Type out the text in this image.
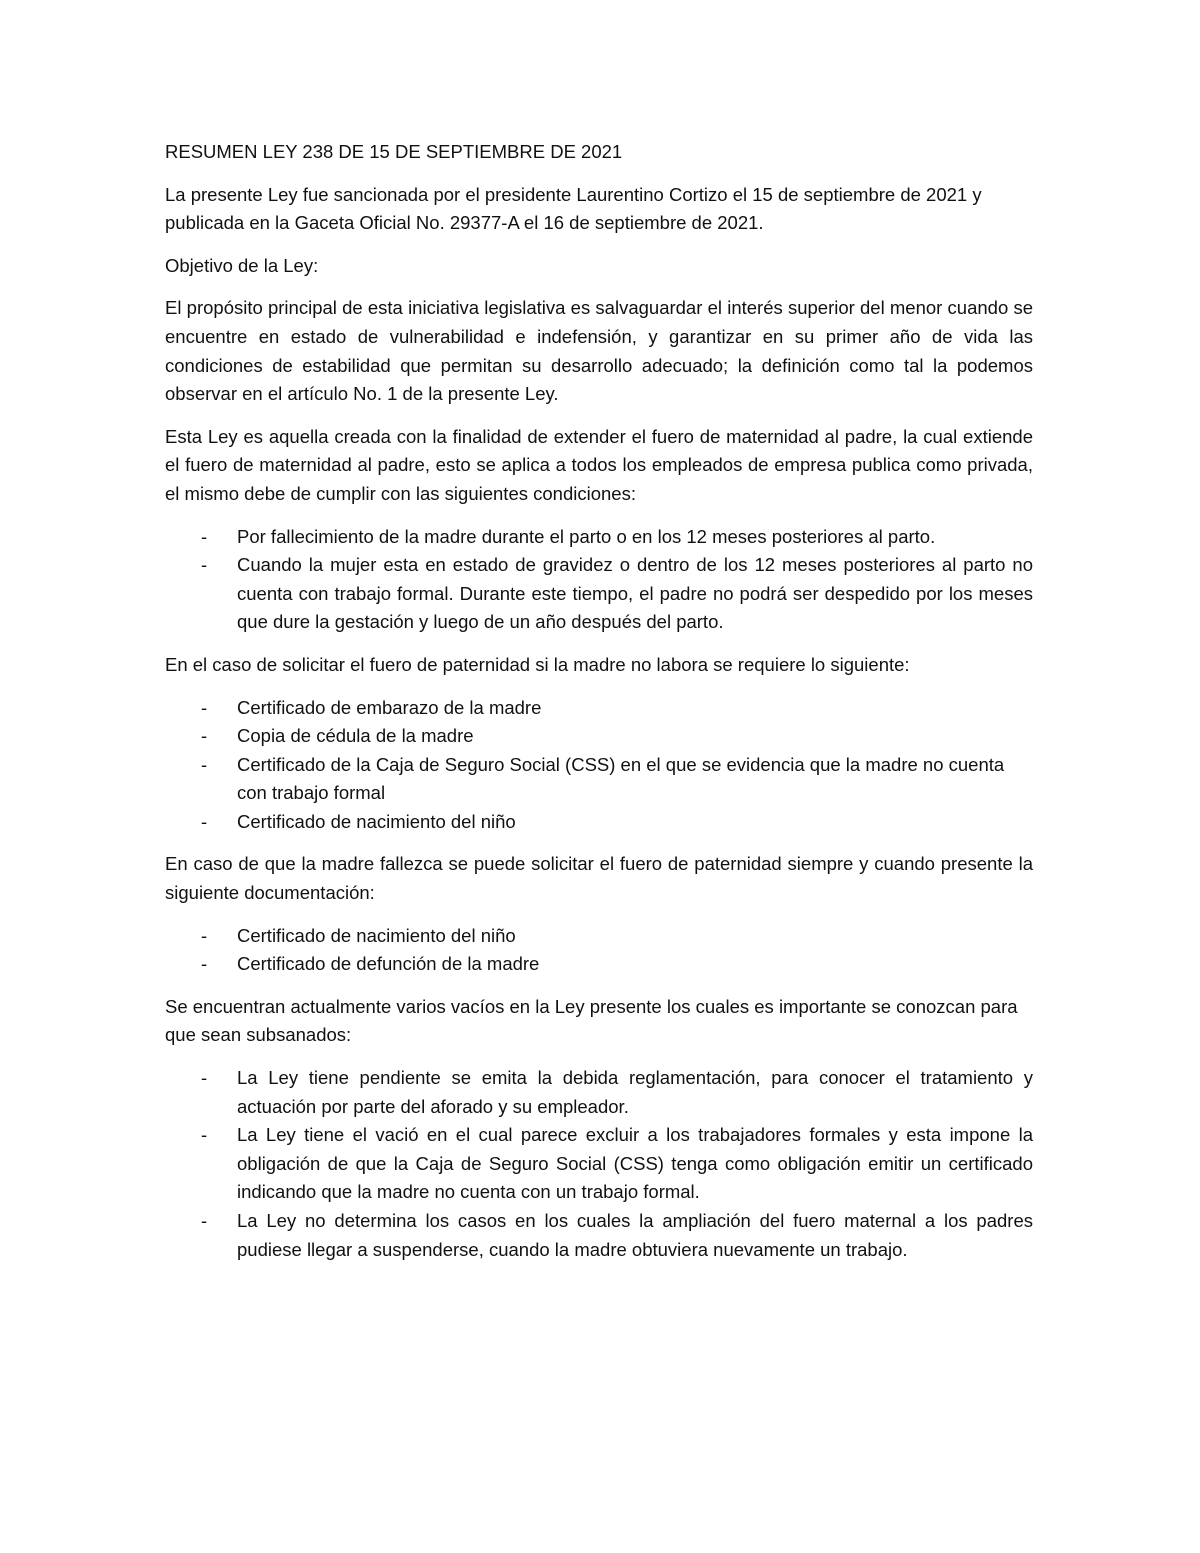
RESUMEN LEY 238 DE 15 DE SEPTIEMBRE DE 2021

La presente Ley fue sancionada por el presidente Laurentino Cortizo el 15 de septiembre de 2021 y publicada en la Gaceta Oficial No. 29377-A el 16 de septiembre de 2021.

Objetivo de la Ley:

El propósito principal de esta iniciativa legislativa es salvaguardar el interés superior del menor cuando se encuentre en estado de vulnerabilidad e indefensión, y garantizar en su primer año de vida las condiciones de estabilidad que permitan su desarrollo adecuado; la definición como tal la podemos observar en el artículo No. 1 de la presente Ley.

Esta Ley es aquella creada con la finalidad de extender el fuero de maternidad al padre, la cual extiende el fuero de maternidad al padre, esto se aplica a todos los empleados de empresa publica como privada, el mismo debe de cumplir con las siguientes condiciones:

- Por fallecimiento de la madre durante el parto o en los 12 meses posteriores al parto.
- Cuando la mujer esta en estado de gravidez o dentro de los 12 meses posteriores al parto no cuenta con trabajo formal. Durante este tiempo, el padre no podrá ser despedido por los meses que dure la gestación y luego de un año después del parto.

En el caso de solicitar el fuero de paternidad si la madre no labora se requiere lo siguiente:

- Certificado de embarazo de la madre
- Copia de cédula de la madre
- Certificado de la Caja de Seguro Social (CSS) en el que se evidencia que la madre no cuenta con trabajo formal
- Certificado de nacimiento del niño

En caso de que la madre fallezca se puede solicitar el fuero de paternidad siempre y cuando presente la siguiente documentación:

- Certificado de nacimiento del niño
- Certificado de defunción de la madre

Se encuentran actualmente varios vacíos en la Ley presente los cuales es importante se conozcan para que sean subsanados:

- La Ley tiene pendiente se emita la debida reglamentación, para conocer el tratamiento y actuación por parte del aforado y su empleador.
- La Ley tiene el vació en el cual parece excluir a los trabajadores formales y esta impone la obligación de que la Caja de Seguro Social (CSS) tenga como obligación emitir un certificado indicando que la madre no cuenta con un trabajo formal.
- La Ley no determina los casos en los cuales la ampliación del fuero maternal a los padres pudiese llegar a suspenderse, cuando la madre obtuviera nuevamente un trabajo.
